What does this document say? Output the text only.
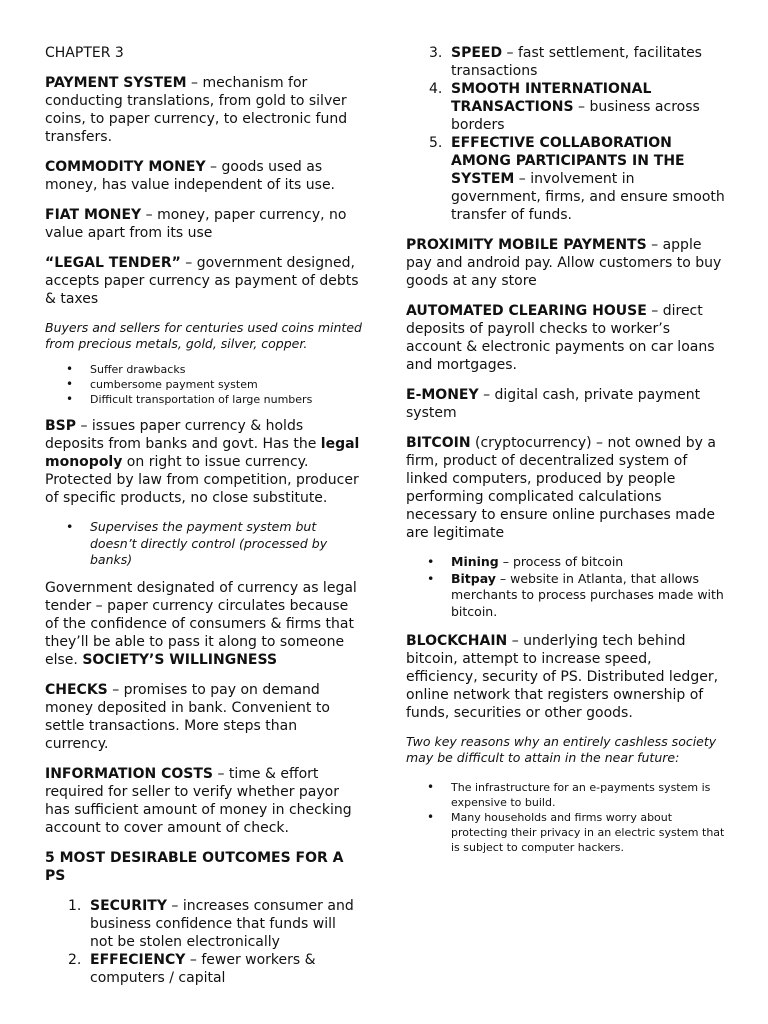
CHAPTER 3

PAYMENT SYSTEM – mechanism for conducting translations, from gold to silver coins, to paper currency, to electronic fund transfers.

COMMODITY MONEY – goods used as money, has value independent of its use.

FIAT MONEY – money, paper currency, no value apart from its use

“LEGAL TENDER” – government designed, accepts paper currency as payment of debts & taxes

Buyers and sellers for centuries used coins minted from precious metals, gold, silver, copper.

• Suffer drawbacks
• cumbersome payment system
• Difficult transportation of large numbers

BSP – issues paper currency & holds deposits from banks and govt. Has the legal monopoly on right to issue currency. Protected by law from competition, producer of specific products, no close substitute.

• Supervises the payment system but doesn’t directly control (processed by banks)

Government designated of currency as legal tender – paper currency circulates because of the confidence of consumers & firms that they’ll be able to pass it along to someone else. SOCIETY’S WILLINGNESS

CHECKS – promises to pay on demand money deposited in bank. Convenient to settle transactions. More steps than currency.

INFORMATION COSTS – time & effort required for seller to verify whether payor has sufficient amount of money in checking account to cover amount of check.

5 MOST DESIRABLE OUTCOMES FOR A PS

1. SECURITY – increases consumer and business confidence that funds will not be stolen electronically
2. EFFECIENCY – fewer workers & computers / capital
3. SPEED – fast settlement, facilitates transactions
4. SMOOTH INTERNATIONAL TRANSACTIONS – business across borders
5. EFFECTIVE COLLABORATION AMONG PARTICIPANTS IN THE SYSTEM – involvement in government, firms, and ensure smooth transfer of funds.

PROXIMITY MOBILE PAYMENTS – apple pay and android pay. Allow customers to buy goods at any store

AUTOMATED CLEARING HOUSE – direct deposits of payroll checks to worker’s account & electronic payments on car loans and mortgages.

E-MONEY – digital cash, private payment system

BITCOIN (cryptocurrency) – not owned by a firm, product of decentralized system of linked computers, produced by people performing complicated calculations necessary to ensure online purchases made are legitimate

• Mining – process of bitcoin
• Bitpay – website in Atlanta, that allows merchants to process purchases made with bitcoin.

BLOCKCHAIN – underlying tech behind bitcoin, attempt to increase speed, efficiency, security of PS. Distributed ledger, online network that registers ownership of funds, securities or other goods.

Two key reasons why an entirely cashless society may be difficult to attain in the near future:

• The infrastructure for an e-payments system is expensive to build.
• Many households and firms worry about protecting their privacy in an electric system that is subject to computer hackers.
